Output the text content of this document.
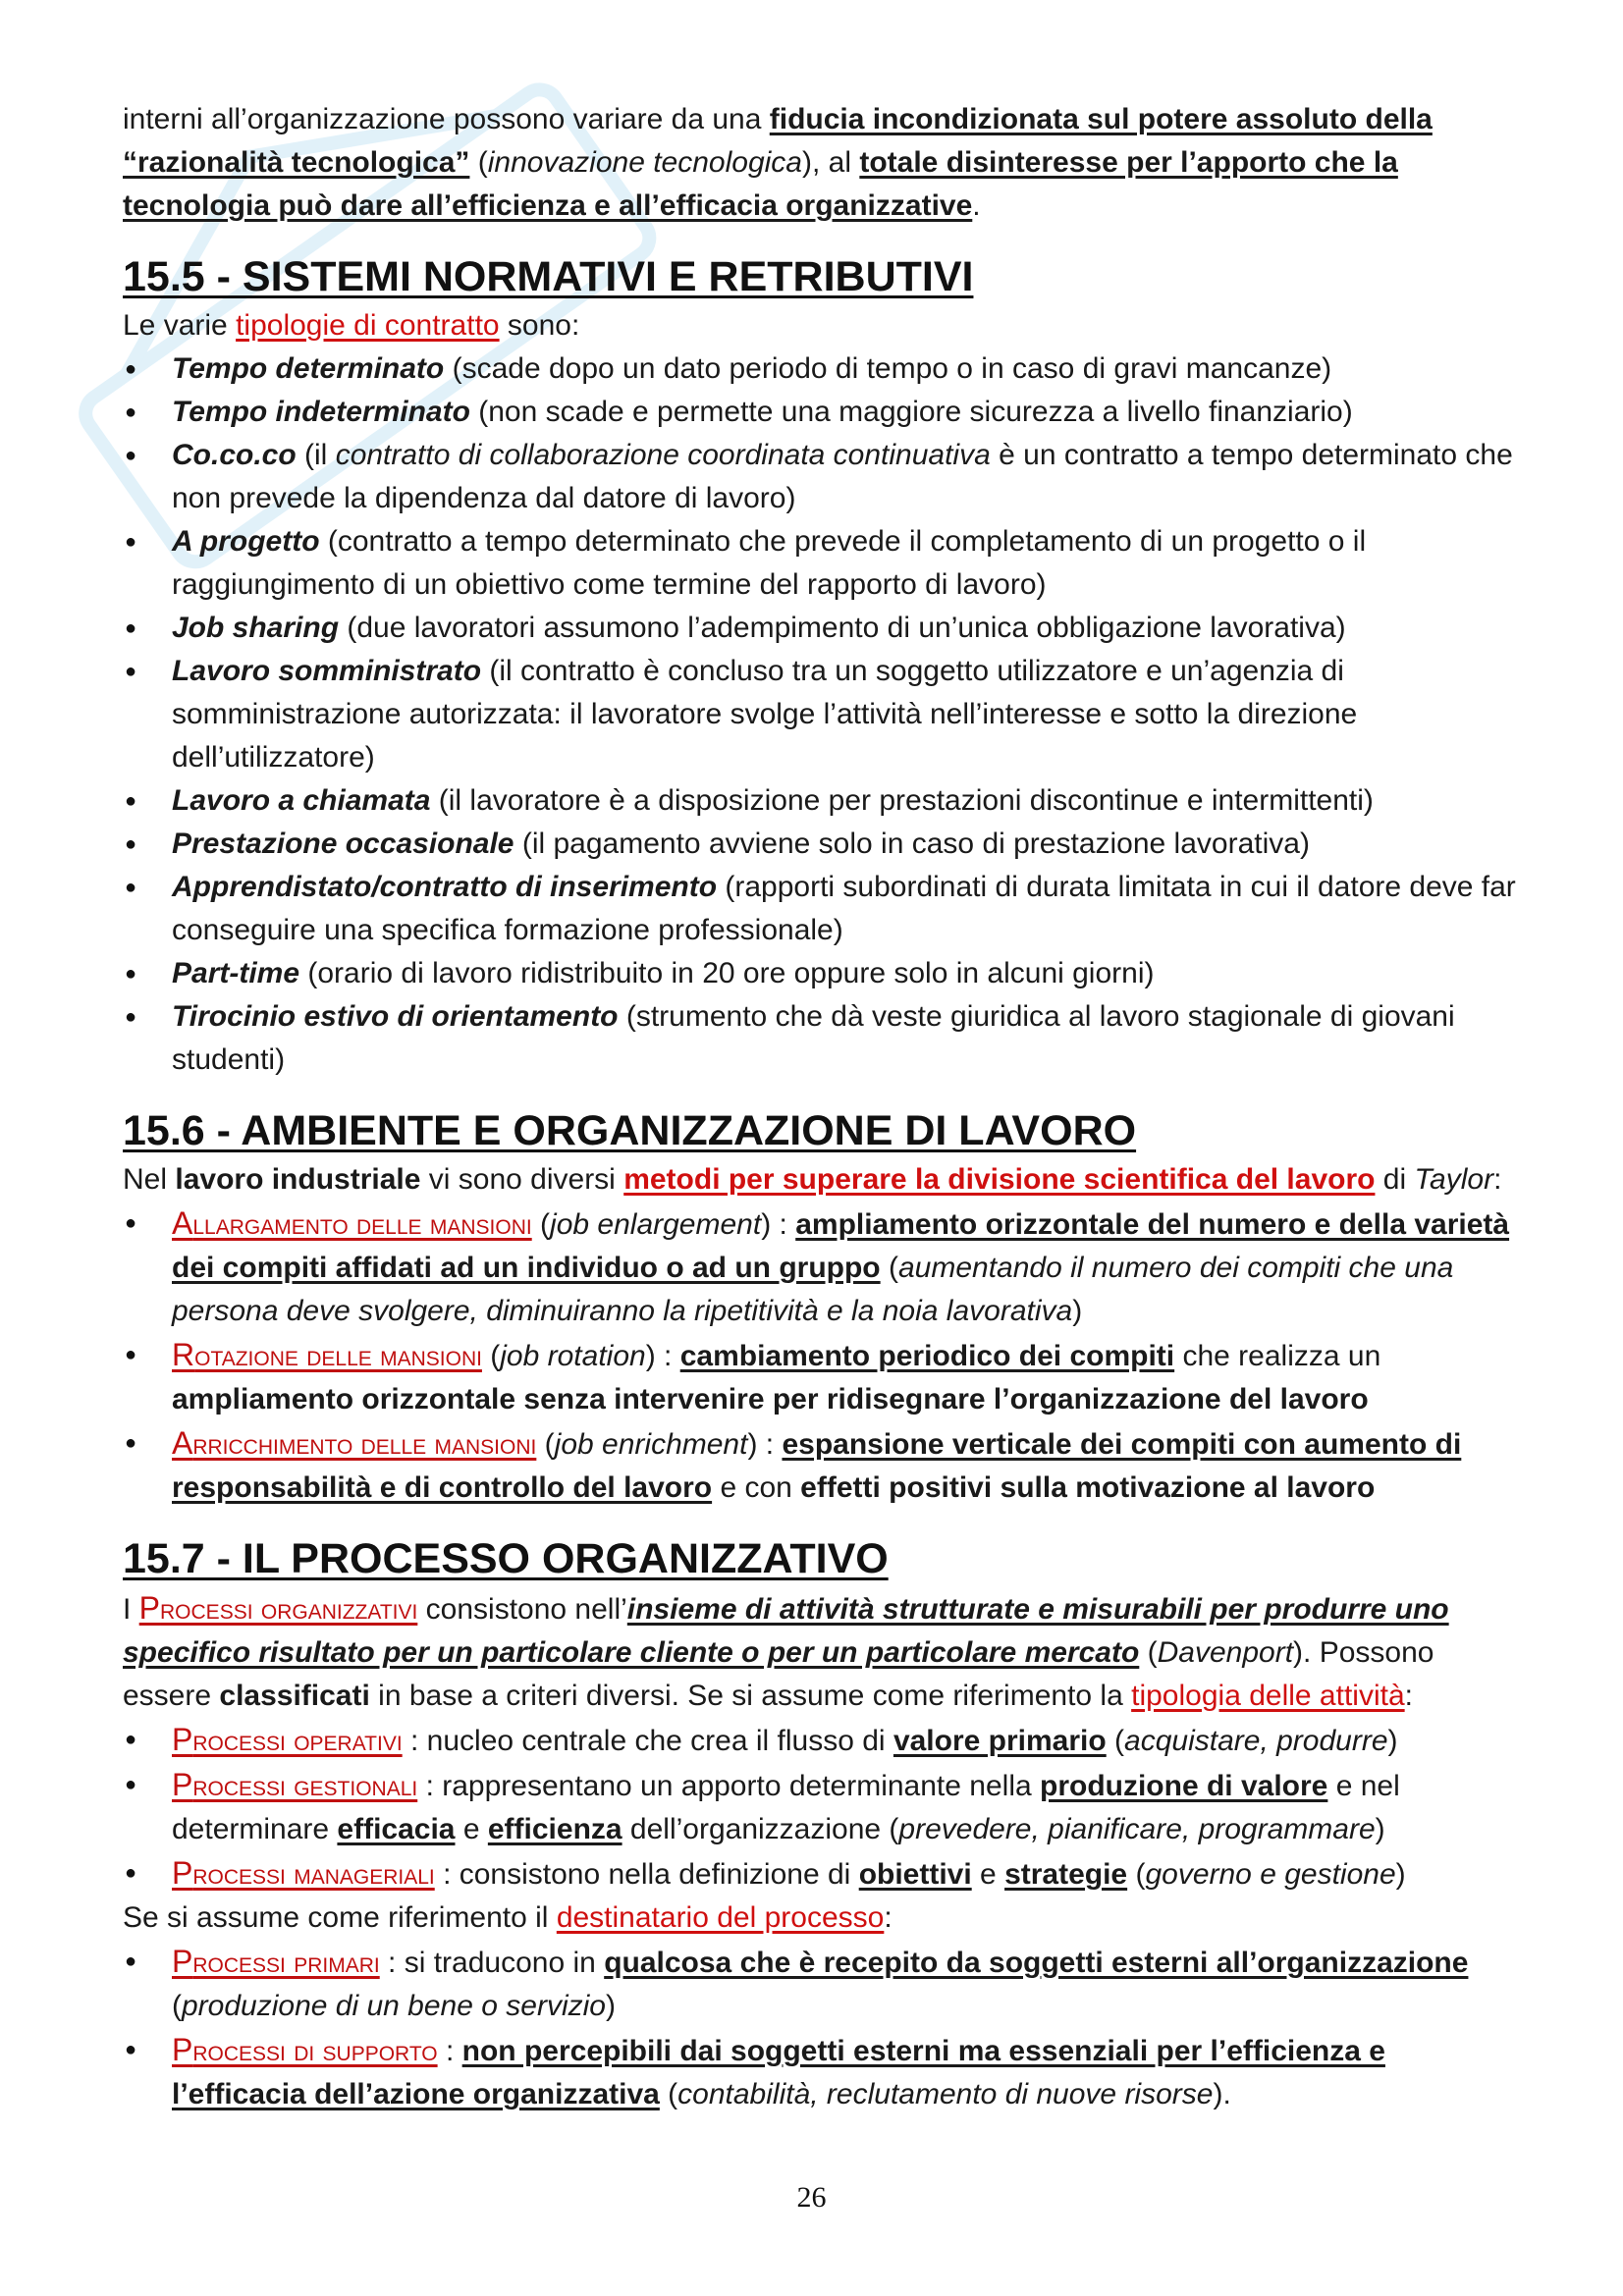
interni all’organizzazione possono variare da una fiducia incondizionata sul potere assoluto della “razionalità tecnologica” (innovazione tecnologica), al totale disinteresse per l’apporto che la tecnologia può dare all’efficienza e all’efficacia organizzative.

15.5 - SISTEMI NORMATIVI E RETRIBUTIVI

Le varie tipologie di contratto sono:

● Tempo determinato (scade dopo un dato periodo di tempo o in caso di gravi mancanze)
● Tempo indeterminato (non scade e permette una maggiore sicurezza a livello finanziario)
● Co.co.co (il contratto di collaborazione coordinata continuativa è un contratto a tempo determinato che non prevede la dipendenza dal datore di lavoro)
● A progetto (contratto a tempo determinato che prevede il completamento di un progetto o il raggiungimento di un obiettivo come termine del rapporto di lavoro)
● Job sharing (due lavoratori assumono l’adempimento di un’unica obbligazione lavorativa)
● Lavoro somministrato (il contratto è concluso tra un soggetto utilizzatore e un’agenzia di somministrazione autorizzata: il lavoratore svolge l’attività nell’interesse e sotto la direzione dell’utilizzatore)
● Lavoro a chiamata (il lavoratore è a disposizione per prestazioni discontinue e intermittenti)
● Prestazione occasionale (il pagamento avviene solo in caso di prestazione lavorativa)
● Apprendistato/contratto di inserimento (rapporti subordinati di durata limitata in cui il datore deve far conseguire una specifica formazione professionale)
● Part-time (orario di lavoro ridistribuito in 20 ore oppure solo in alcuni giorni)
● Tirocinio estivo di orientamento (strumento che dà veste giuridica al lavoro stagionale di giovani studenti)
15.6 - AMBIENTE E ORGANIZZAZIONE DI LAVORO

Nel lavoro industriale vi sono diversi metodi per superare la divisione scientifica del lavoro di Taylor:

● Allargamento delle mansioni (job enlargement) : ampliamento orizzontale del numero e della varietà dei compiti affidati ad un individuo o ad un gruppo (aumentando il numero dei compiti che una persona deve svolgere, diminuiranno la ripetitività e la noia lavorativa)
● Rotazione delle mansioni (job rotation) : cambiamento periodico dei compiti che realizza un ampliamento orizzontale senza intervenire per ridisegnare l’organizzazione del lavoro
● Arricchimento delle mansioni (job enrichment) : espansione verticale dei compiti con aumento di responsabilità e di controllo del lavoro e con effetti positivi sulla motivazione al lavoro
15.7 - IL PROCESSO ORGANIZZATIVO

I Processi organizzativi consistono nell’insieme di attività strutturate e misurabili per produrre uno specifico risultato per un particolare cliente o per un particolare mercato (Davenport). Possono essere classificati in base a criteri diversi. Se si assume come riferimento la tipologia delle attività:

● Processi operativi : nucleo centrale che crea il flusso di valore primario (acquistare, produrre)
● Processi gestionali : rappresentano un apporto determinante nella produzione di valore e nel determinare efficacia e efficienza dell’organizzazione (prevedere, pianificare, programmare)
● Processi manageriali : consistono nella definizione di obiettivi e strategie (governo e gestione)

Se si assume come riferimento il destinatario del processo:

● Processi primari : si traducono in qualcosa che è recepito da soggetti esterni all’organizzazione (produzione di un bene o servizio)
● Processi di supporto : non percepibili dai soggetti esterni ma essenziali per l’efficienza e l’efficacia dell’azione organizzativa (contabilità, reclutamento di nuove risorse).
26
